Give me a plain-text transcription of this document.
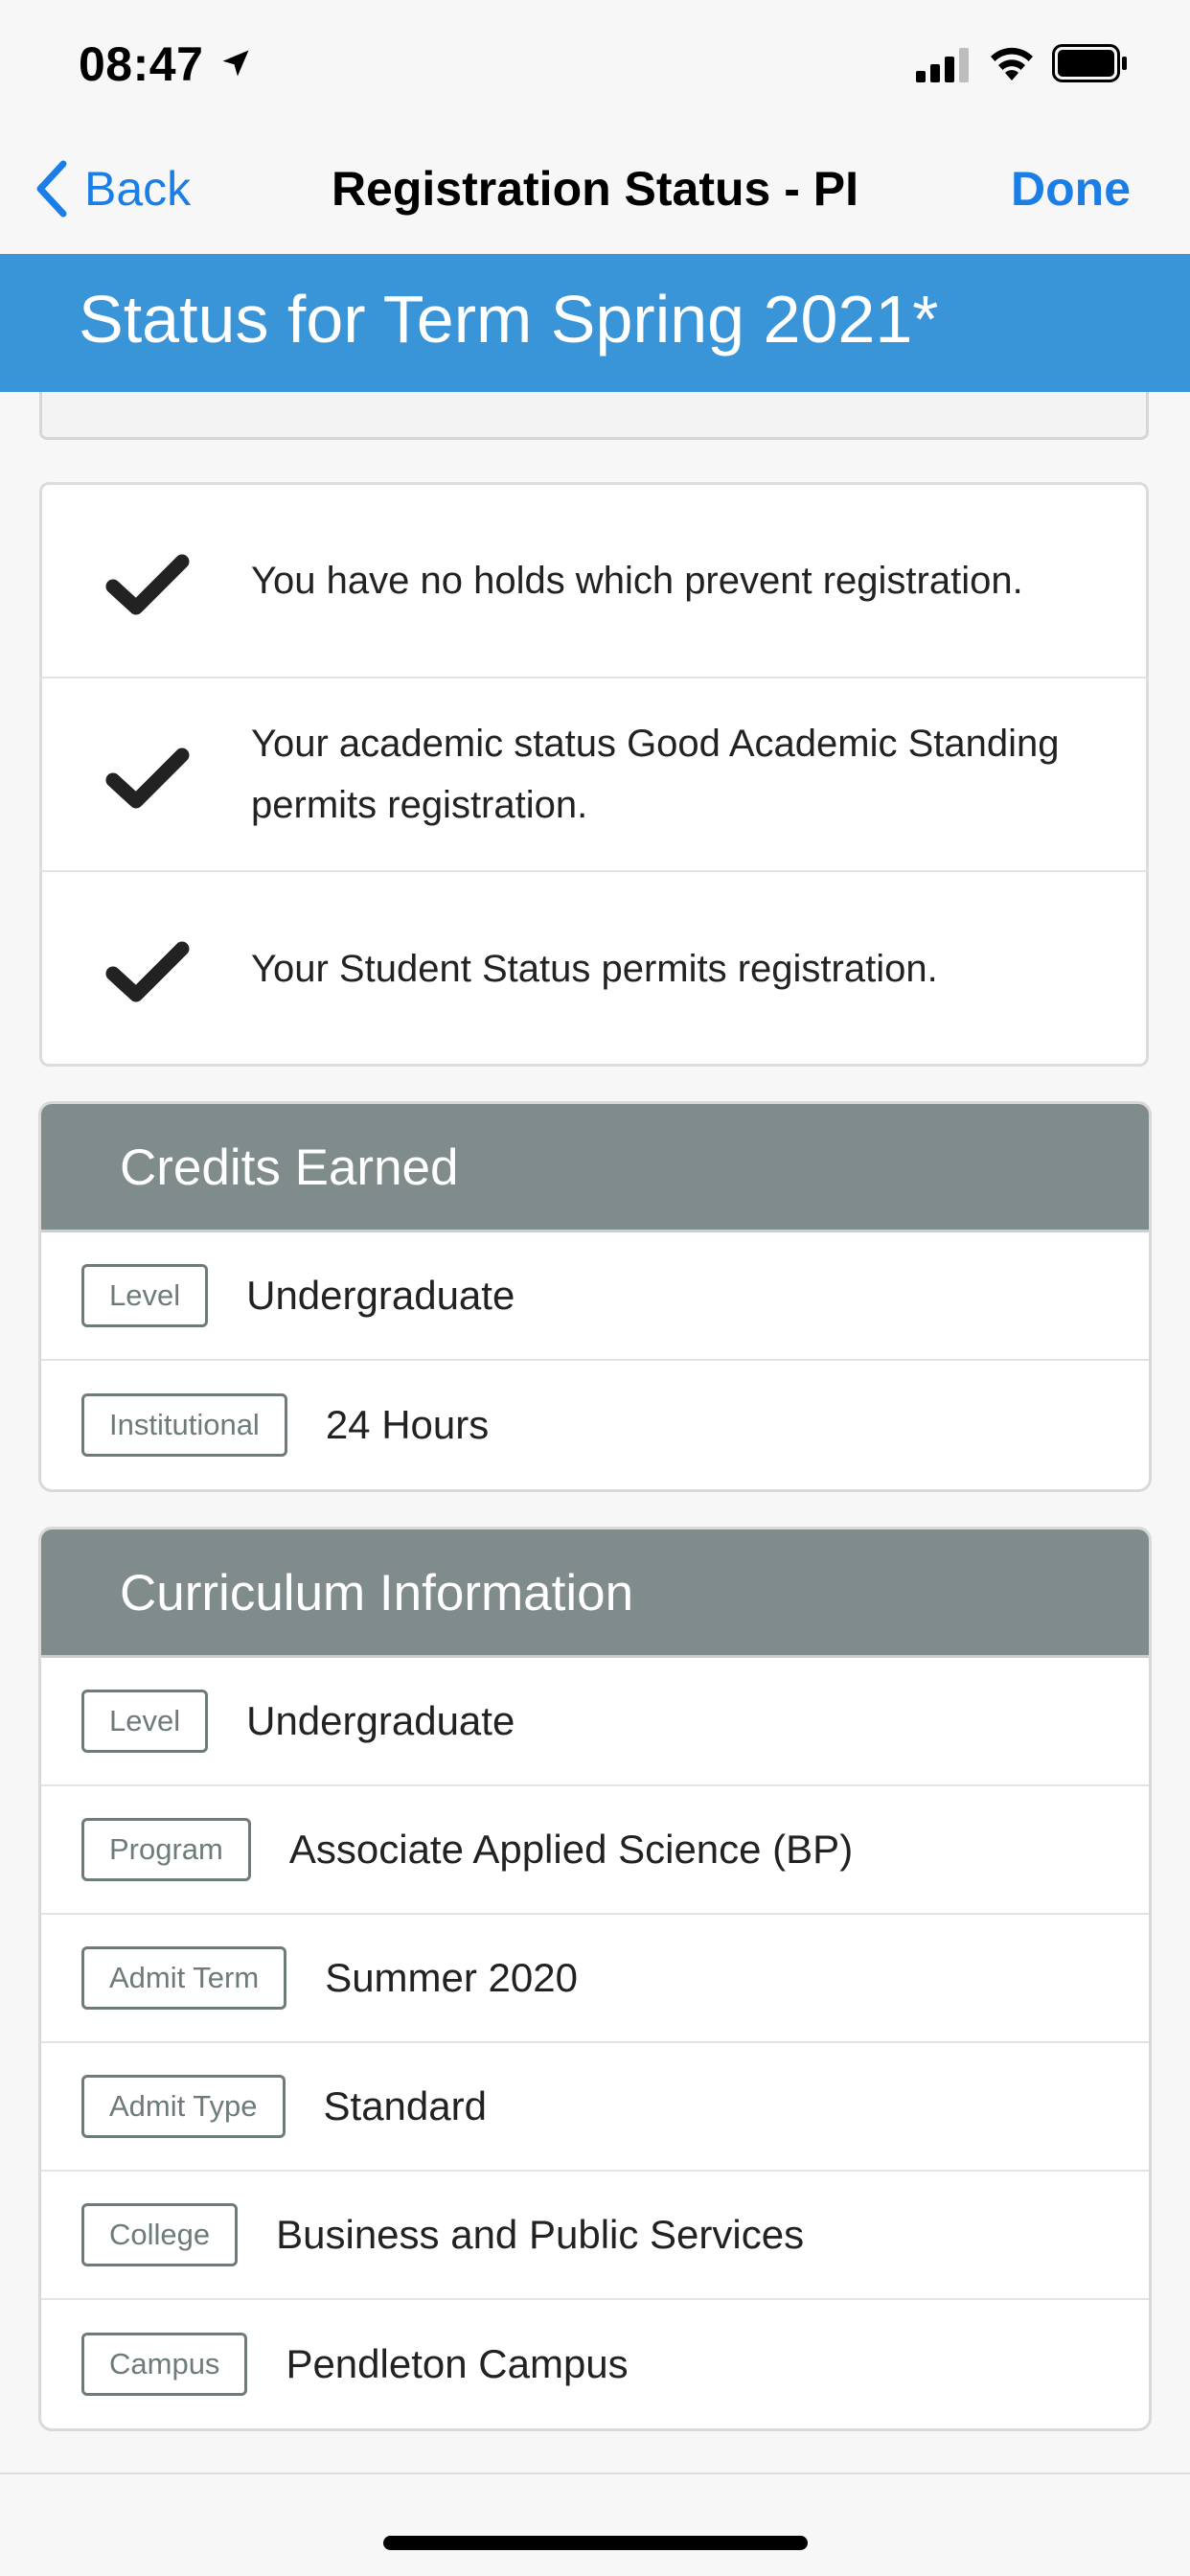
08:47
Back	Registration Status - PI	Done
Status for Term Spring 2021*
You have no holds which prevent registration.
Your academic status Good Academic Standing permits registration.
Your Student Status permits registration.
Credits Earned
Level	Undergraduate
Institutional	24 Hours
Curriculum Information
Level	Undergraduate
Program	Associate Applied Science (BP)
Admit Term	Summer 2020
Admit Type	Standard
College	Business and Public Services
Campus	Pendleton Campus
